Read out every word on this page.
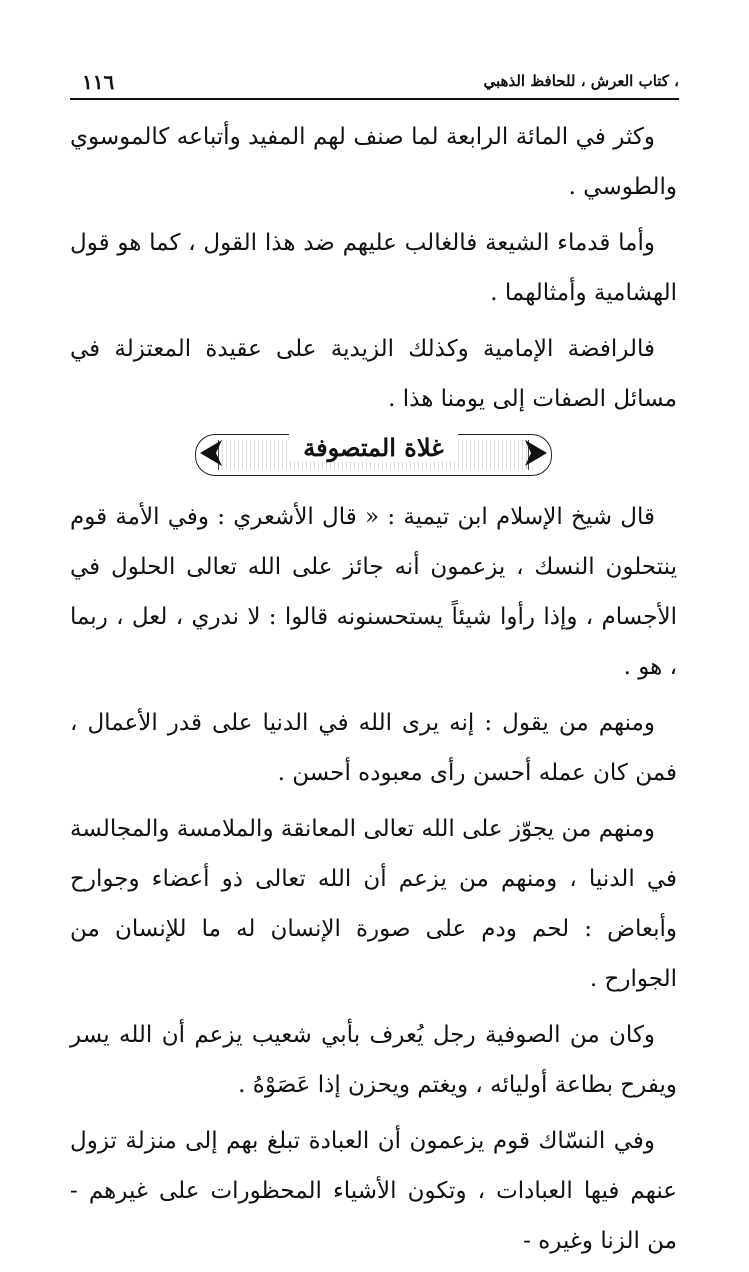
، كتاب العرش ، للحافظ الذهبي
١١٦

وكثر في المائة الرابعة لما صنف لهم المفيد وأتباعه كالموسوي والطوسي .

وأما قدماء الشيعة فالغالب عليهم ضد هذا القول ، كما هو قول الهشامية وأمثالهما .

فالرافضة الإمامية وكذلك الزيدية على عقيدة المعتزلة في مسائل الصفات إلى يومنا هذا .

غلاة المتصوفة

قال شيخ الإسلام ابن تيمية : « قال الأشعري : وفي الأمة قوم ينتحلون النسك ، يزعمون أنه جائز على الله تعالى الحلول في الأجسام ، وإذا رأوا شيئاً يستحسنونه قالوا : لا ندري ، لعل ، ربما ، هو .

ومنهم من يقول : إنه يرى الله في الدنيا على قدر الأعمال ، فمن كان عمله أحسن رأى معبوده أحسن .

ومنهم من يجوّز على الله تعالى المعانقة والملامسة والمجالسة في الدنيا ، ومنهم من يزعم أن الله تعالى ذو أعضاء وجوارح وأبعاض : لحم ودم على صورة الإنسان له ما للإنسان من الجوارح .

وكان من الصوفية رجل يُعرف بأبي شعيب يزعم أن الله يسر ويفرح بطاعة أوليائه ، ويغتم ويحزن إذا عَصَوْهُ .

وفي النسّاك قوم يزعمون أن العبادة تبلغ بهم إلى منزلة تزول عنهم فيها العبادات ، وتكون الأشياء المحظورات على غيرهم - من الزنا وغيره -
